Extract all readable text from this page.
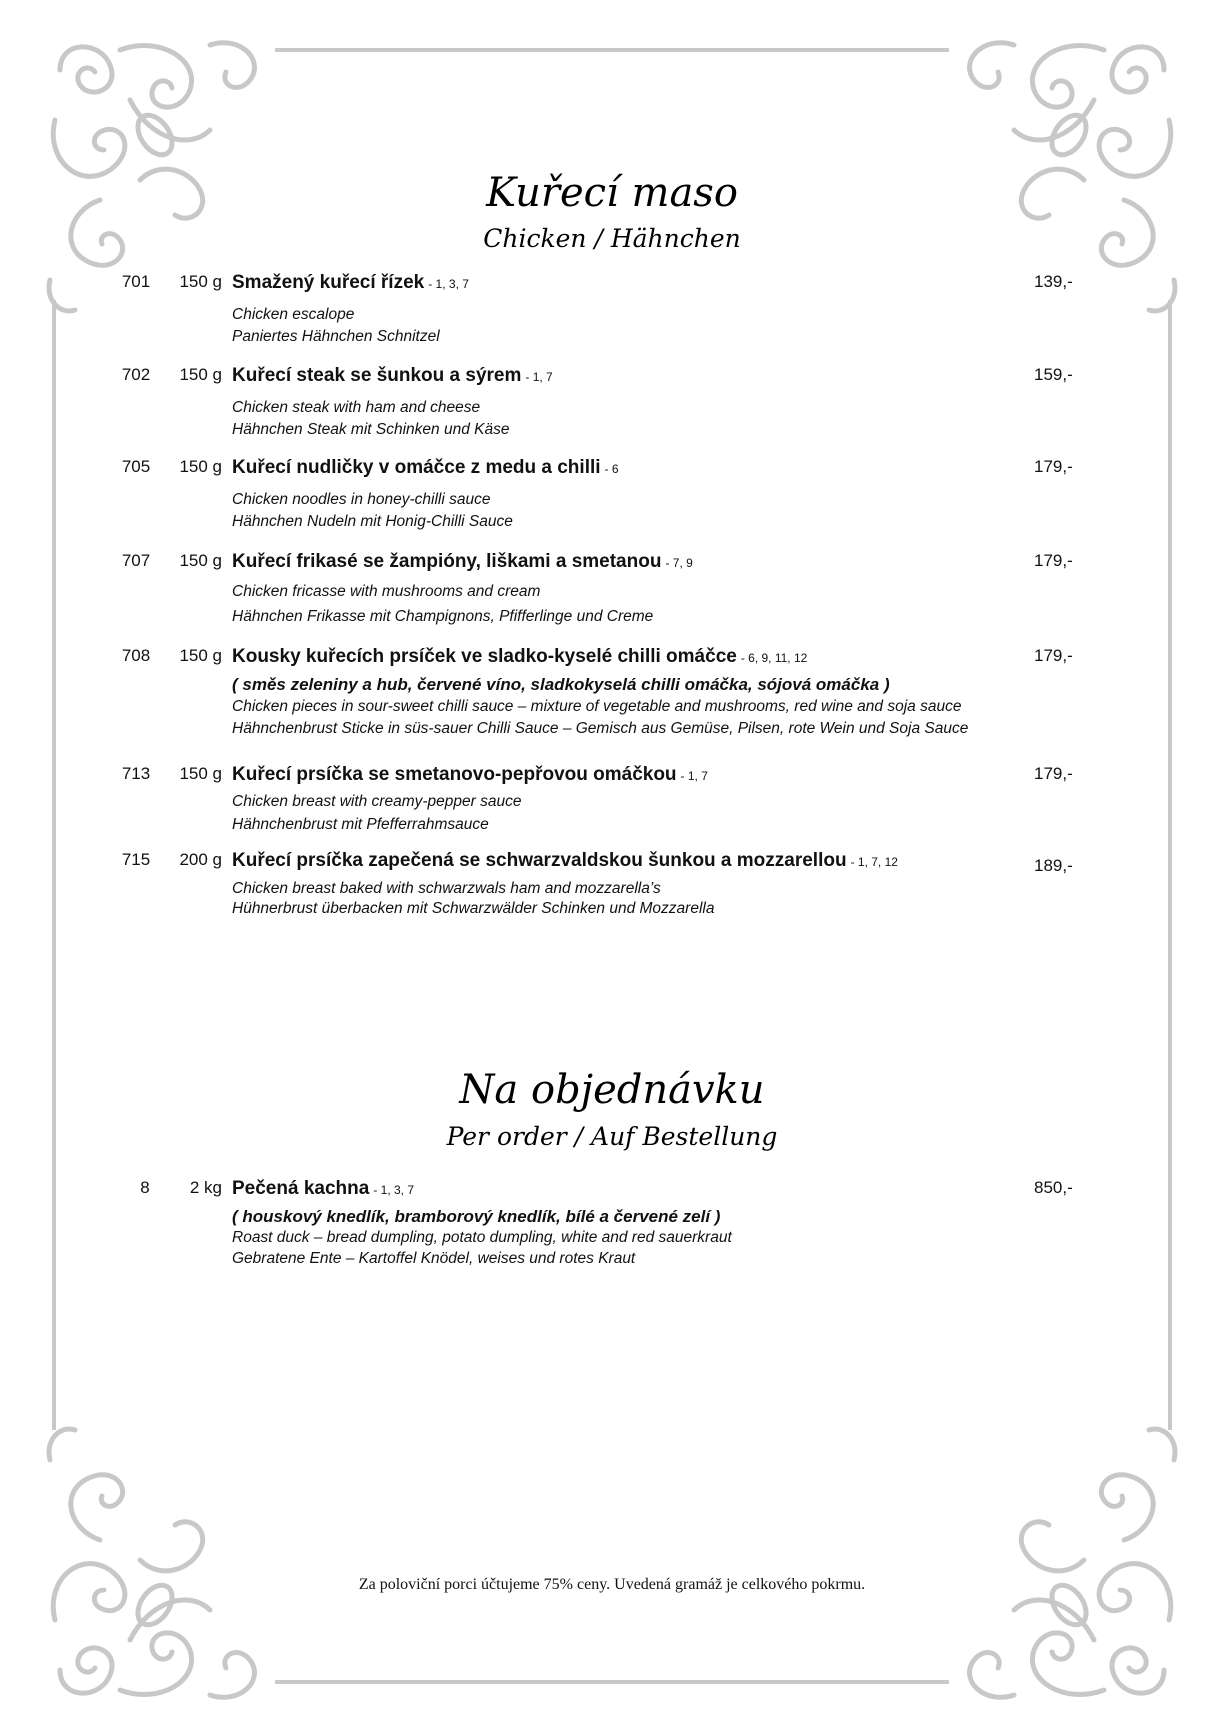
Kuřecí maso
Chicken / Hähnchen
701	150 g Smažený kuřecí řízek - 1, 3, 7	139,-
Chicken escalope
Paniertes Hähnchen Schnitzel
702	150 g Kuřecí steak se šunkou a sýrem - 1, 7	159,-
Chicken steak with ham and cheese
Hähnchen Steak mit Schinken und Käse
705	150 g Kuřecí nudličky v omáčce z medu a chilli - 6	179,-
Chicken noodles in honey-chilli sauce
Hähnchen Nudeln mit Honig-Chilli Sauce
707	150 g Kuřecí frikasé se žampióny, liškami a smetanou - 7, 9	179,-
Chicken fricasse with mushrooms and cream
Hähnchen Frikasse mit Champignons, Pfifferlinge und Creme
708	150 g Kousky kuřecích prsíček ve sladko-kyselé chilli omáčce - 6, 9, 11, 12	179,-
( směs zeleniny a hub, červené víno, sladkokyselá chilli omáčka, sójová omáčka )
Chicken pieces in sour-sweet chilli sauce – mixture of vegetable and mushrooms, red wine and soja sauce
Hähnchenbrust Sticke in süs-sauer Chilli Sauce – Gemisch aus Gemüse, Pilsen, rote Wein und Soja Sauce
713	150 g Kuřecí prsíčka se smetanovo-pepřovou omáčkou - 1, 7	179,-
Chicken breast with creamy-pepper sauce
Hähnchenbrust mit Pfefferrahmsauce
715	200 g Kuřecí prsíčka zapečená se schwarzvaldskou šunkou a mozzarellou - 1, 7, 12	189,-
Chicken breast baked with schwarzwals ham and mozzarella’s
Hühnerbrust überbacken mit Schwarzwälder Schinken und Mozzarella
Na objednávku
Per order / Auf Bestellung
8	2 kg Pečená kachna - 1, 3, 7	850,-
( houskový knedlík, bramborový knedlík, bílé a červené zelí )
Roast duck – bread dumpling, potato dumpling, white and red sauerkraut
Gebratene Ente – Kartoffel Knödel, weises und rotes Kraut
Za poloviční porci účtujeme 75% ceny. Uvedená gramáž je celkového pokrmu.
